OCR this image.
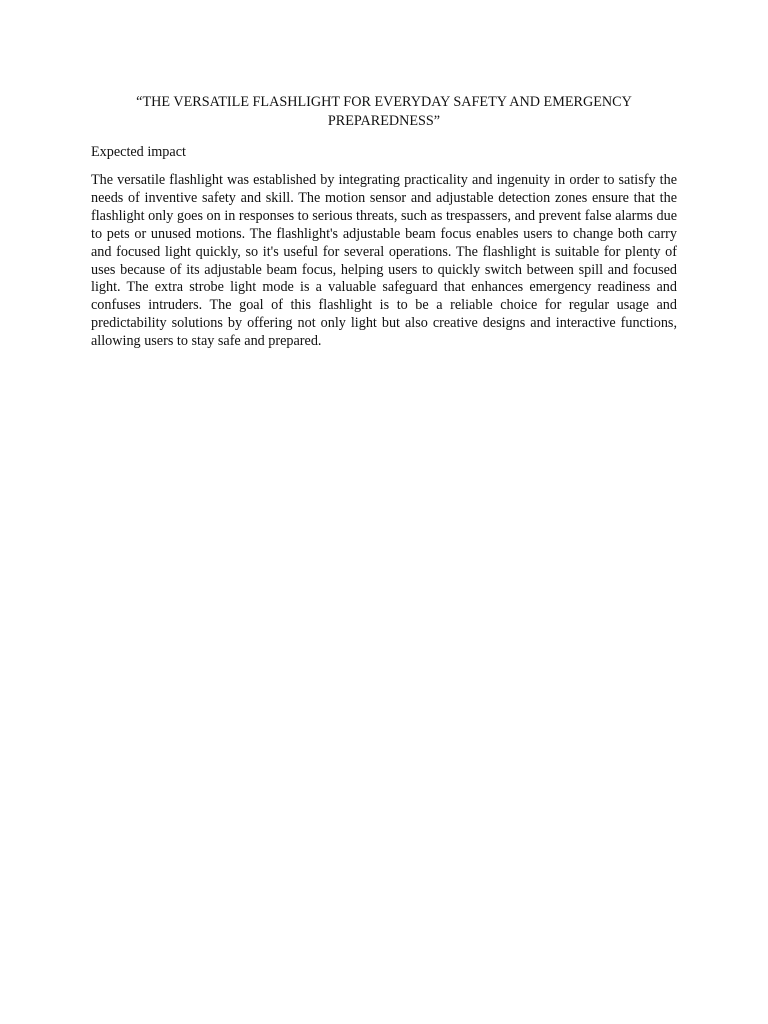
“THE VERSATILE FLASHLIGHT FOR EVERYDAY SAFETY AND EMERGENCY PREPAREDNESS”

Expected impact

The versatile flashlight was established by integrating practicality and ingenuity in order to satisfy the needs of inventive safety and skill. The motion sensor and adjustable detection zones ensure that the flashlight only goes on in responses to serious threats, such as trespassers, and prevent false alarms due to pets or unused motions. The flashlight's adjustable beam focus enables users to change both carry and focused light quickly, so it's useful for several operations. The flashlight is suitable for plenty of uses because of its adjustable beam focus, helping users to quickly switch between spill and focused light. The extra strobe light mode is a valuable safeguard that enhances emergency readiness and confuses intruders. The goal of this flashlight is to be a reliable choice for regular usage and predictability solutions by offering not only light but also creative designs and interactive functions, allowing users to stay safe and prepared.
